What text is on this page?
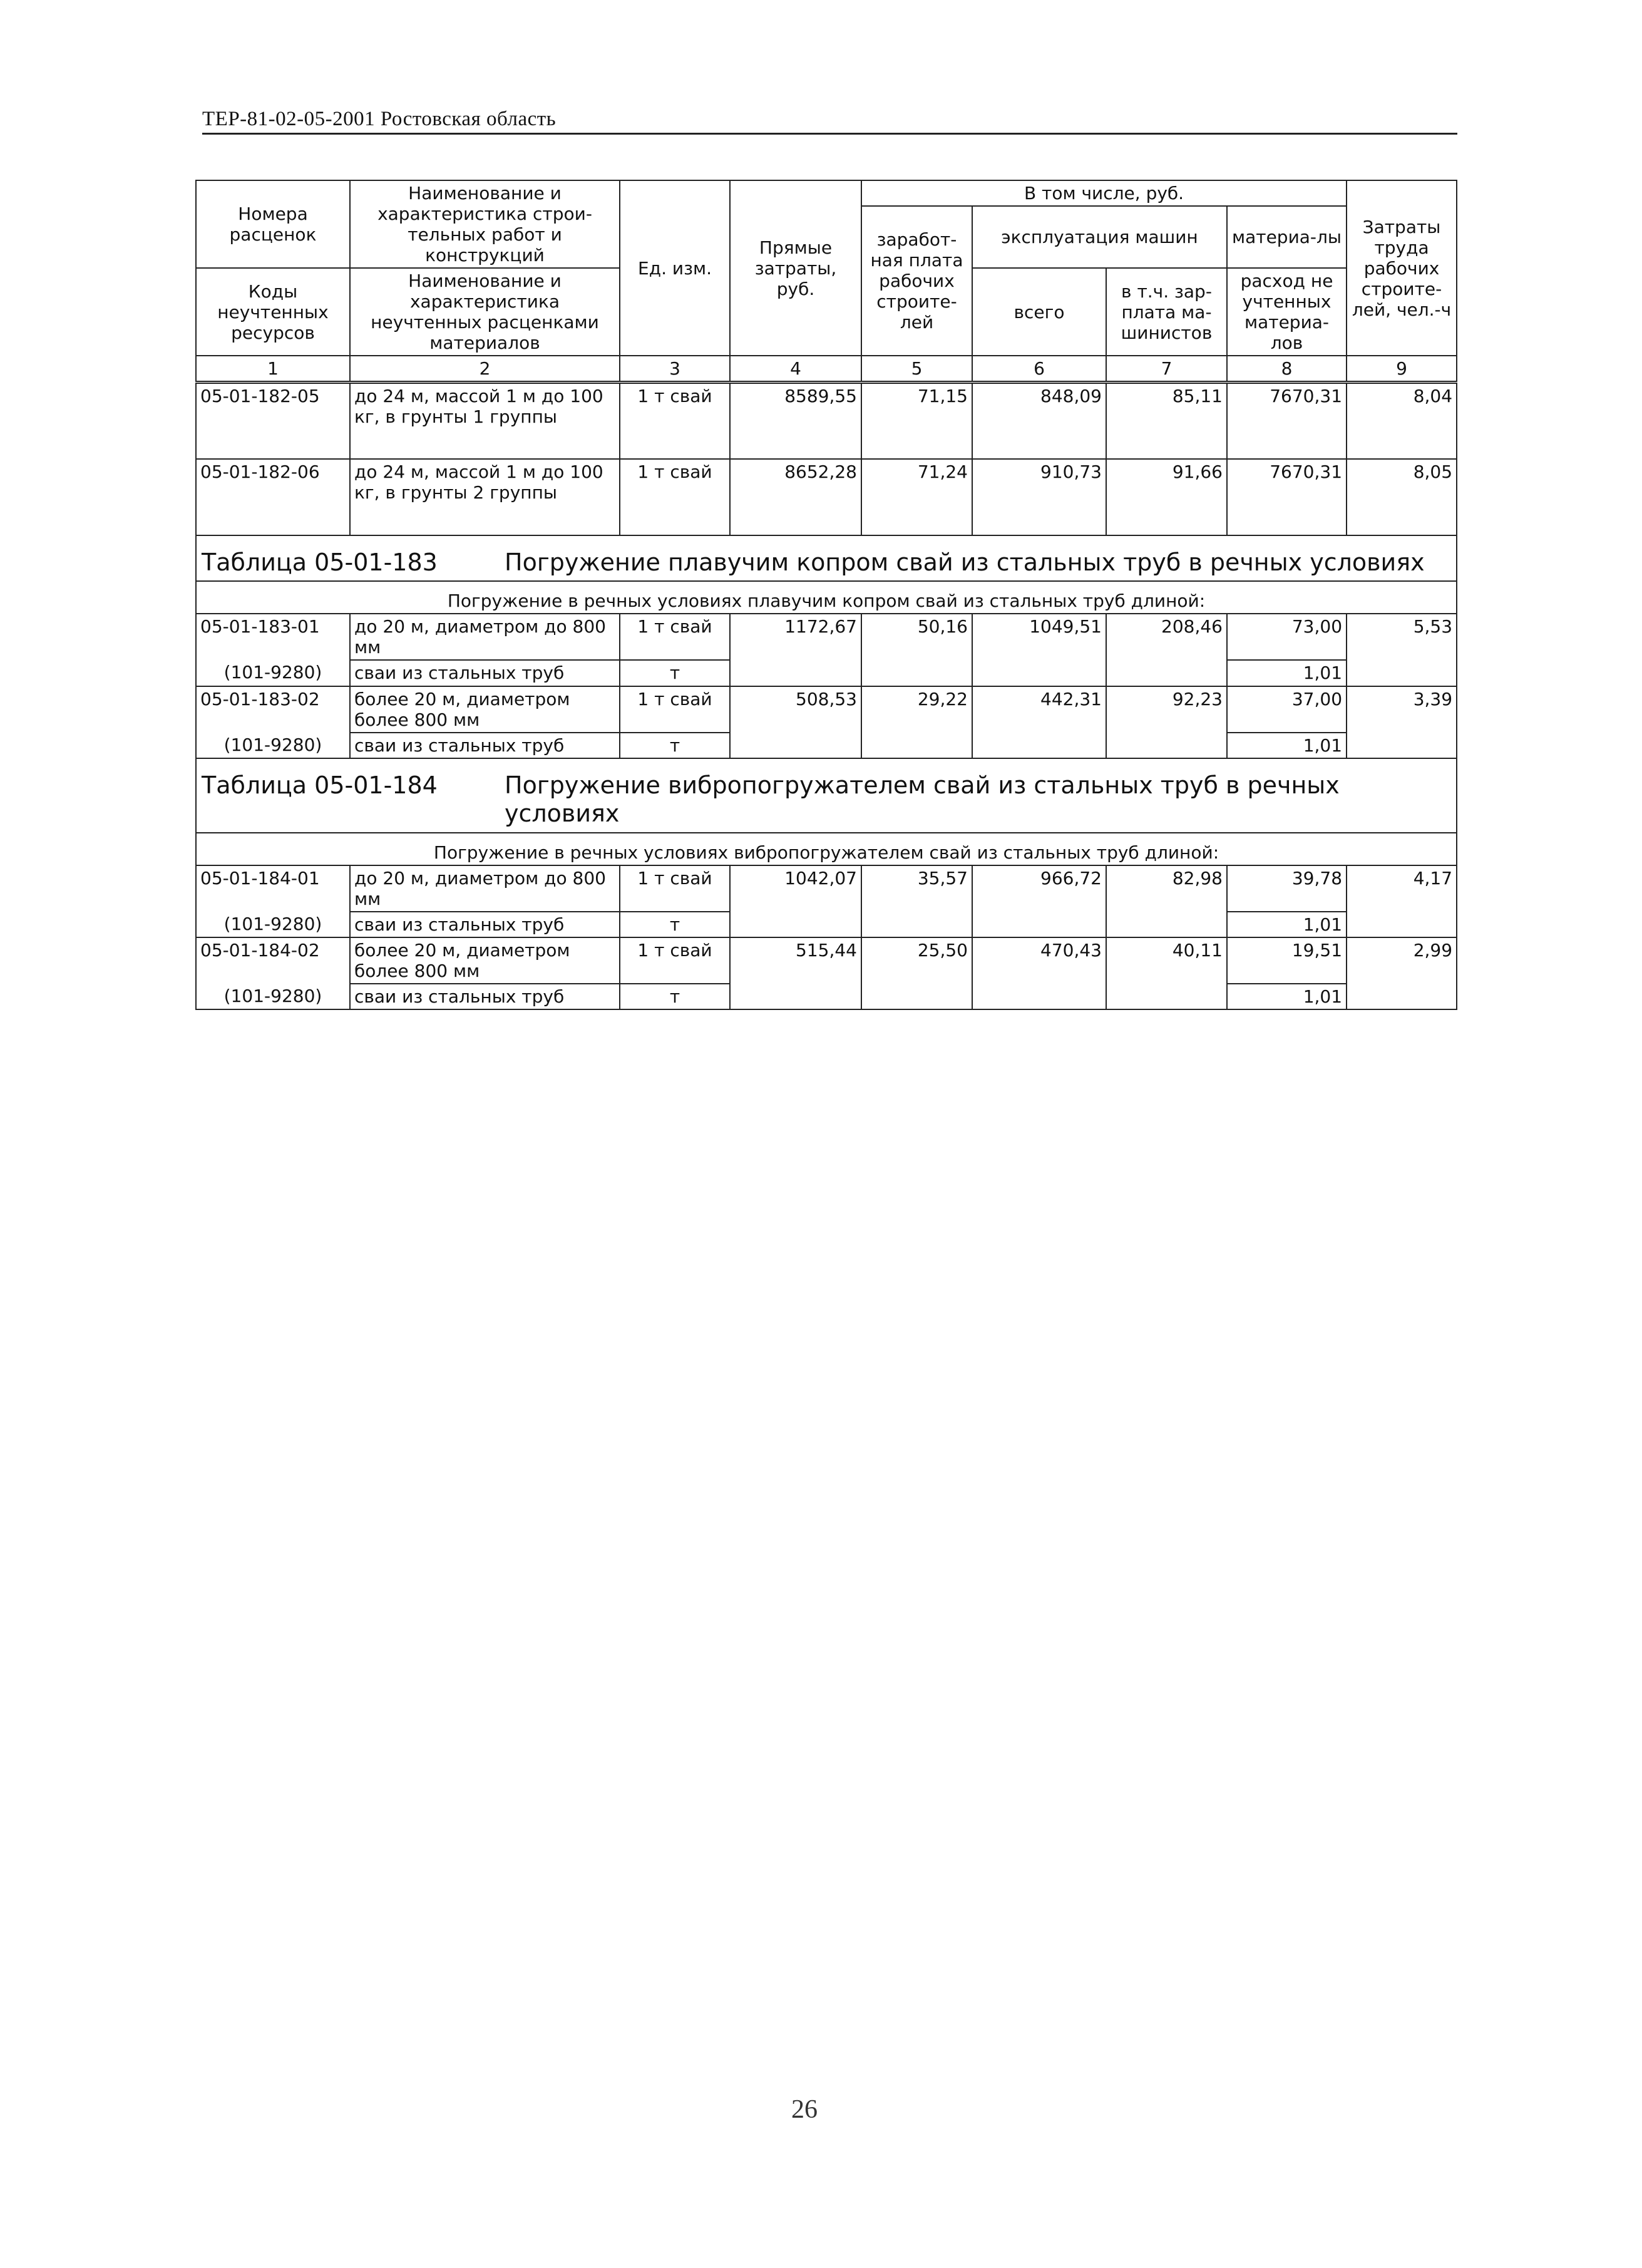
ТЕР-81-02-05-2001 Ростовская область
Номера расценок	Наименование и характеристика строи-тельных работ и конструкций	Ед. изм.	Прямые затраты, руб.	В том числе, руб.				Затраты труда рабочих строите-лей, чел.-ч
				заработ-ная плата рабочих строите-лей	эксплуатация машин		материа-лы	

Коды неучтенных ресурсов	Наименование и характеристика неучтенных расценками материалов				всего	в т.ч. зар-плата ма-шинистов	расход не учтенных материа-лов	

1	2	3	4	5	6	7	8	9
05-01-182-05	до 24 м, массой 1 м до 100 кг, в грунты 1 группы	1 т свай	8589,55	71,15	848,09	85,11	7670,31	8,04
05-01-182-06	до 24 м, массой 1 м до 100 кг, в грунты 2 группы	1 т свай	8652,28	71,24	910,73	91,66	7670,31	8,05
Таблица 05-01-183 Погружение плавучим копром свай из стальных труб в речных условиях								
Погружение в речных условиях плавучим копром свай из стальных труб длиной:								
05-01-183-01	до 20 м, диаметром до 800 мм	1 т свай	1172,67	50,16	1049,51	208,46	73,00	5,53
(101-9280)	сваи из стальных труб	т					1,01	
05-01-183-02	более 20 м, диаметром более 800 мм	1 т свай	508,53	29,22	442,31	92,23	37,00	3,39
(101-9280)	сваи из стальных труб	т					1,01	
Таблица 05-01-184 Погружение вибропогружателем свай из стальных труб в речных условиях								
Погружение в речных условиях вибропогружателем свай из стальных труб длиной:								
05-01-184-01	до 20 м, диаметром до 800 мм	1 т свай	1042,07	35,57	966,72	82,98	39,78	4,17
(101-9280)	сваи из стальных труб	т					1,01	
05-01-184-02	более 20 м, диаметром более 800 мм	1 т свай	515,44	25,50	470,43	40,11	19,51	2,99
(101-9280)	сваи из стальных труб	т					1,01	
26
